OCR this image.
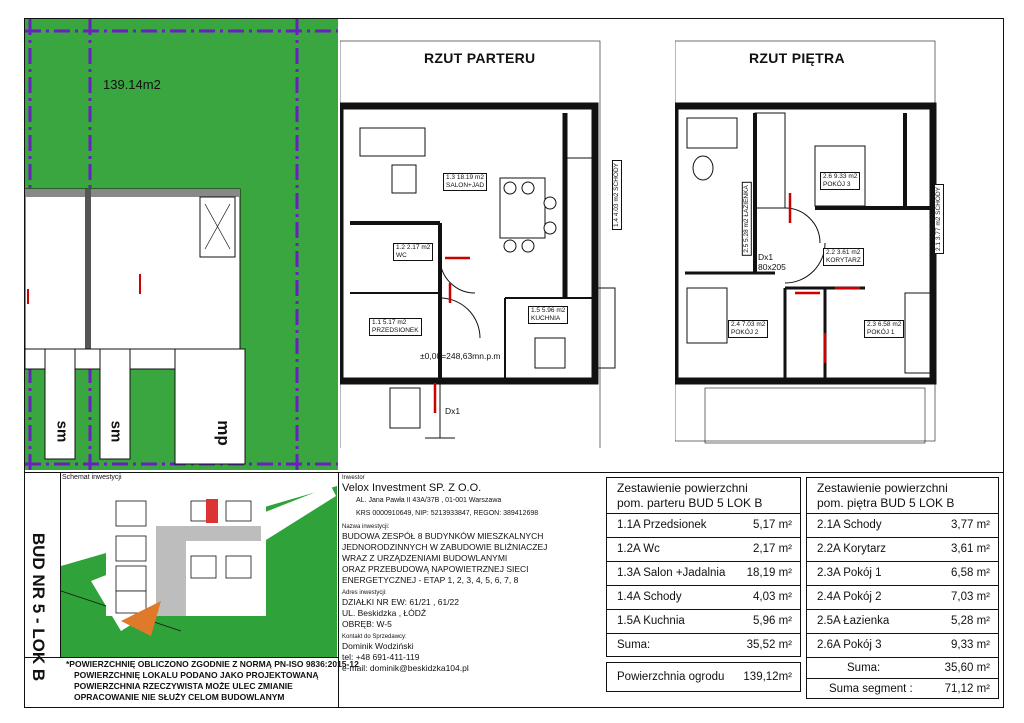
139.14m2
sm sm	mp
RZUT PARTERU
1.3 18.19 m2
SALON+JAD
1.2 2.17 m2
WC
1.1 5.17 m2
PRZEDSIONEK
1.5 5.96 m2
KUCHNIA
1.4 4.03 m2 SCHODY
±0,00=248,63mn.p.m
Dx1
RZUT PIĘTRA
2.6 9.33 m2
POKÓJ 3
2.5 5.28 m2 ŁAZIENKA
2.2 3.61 m2
KORYTARZ
2.4 7.03 m2
POKÓJ 2
2.3 6.58 m2
POKÓJ 1
2.1 3.77 m2 SCHODY
Dx1 80x205
BUD NR 5 - LOK B
Schemat inwestycji
*POWIERZCHNIĘ OBLICZONO ZGODNIE Z NORMĄ PN-ISO 9836:2015-12
POWIERZCHNIĘ LOKALU PODANO JAKO PROJEKTOWANĄ
POWIERZCHNIA RZECZYWISTA MOŻE ULEC ZMIANIE
OPRACOWANIE NIE SŁUŻY CELOM BUDOWLANYM
Inwestor
Velox Investment SP. Z O.O.
AL. Jana Pawła II 43A/37B , 01-001 Warszawa
KRS 0000910649, NIP: 5213933847, REGON: 389412698
Nazwa inwestycji:
BUDOWA ZESPÓŁ 8 BUDYNKÓW MIESZKALNYCH
JEDNORODZINNYCH W ZABUDOWIE BLIŹNIACZEJ
WRAZ Z URZĄDZENIAMI BUDOWLANYMI
ORAZ PRZEBUDOWĄ NAPOWIETRZNEJ SIECI
ENERGETYCZNEJ - ETAP 1, 2, 3, 4, 5, 6, 7, 8
Adres inwestycji:
DZIAŁKI NR EW: 61/21 , 61/22
UL. Beskidzka , ŁÓDŹ
OBRĘB: W-5
Kontakt do Sprzedawcy:
Dominik Wodziński
tel: +48 691-411-119
e-mail: dominik@beskidzka104.pl
Zestawienie powierzchni
pom. parteru BUD 5 LOK B
1.1A Przedsionek	5,17 m²
1.2A Wc	2,17 m²
1.3A Salon +Jadalnia 18,19 m²
1.4A Schody	4,03 m²
1.5A Kuchnia	5,96 m²
Suma:	35,52 m²
Powierzchnia ogrodu 139,12m²
Zestawienie powierzchni
pom. piętra BUD 5 LOK B
2.1A Schody	3,77 m²
2.2A Korytarz	3,61 m²
2.3A Pokój 1	6,58 m²
2.4A Pokój 2	7,03 m²
2.5A Łazienka	5,28 m²
2.6A Pokój 3	9,33 m²
Suma:	35,60 m²
Suma segment :	71,12 m²
